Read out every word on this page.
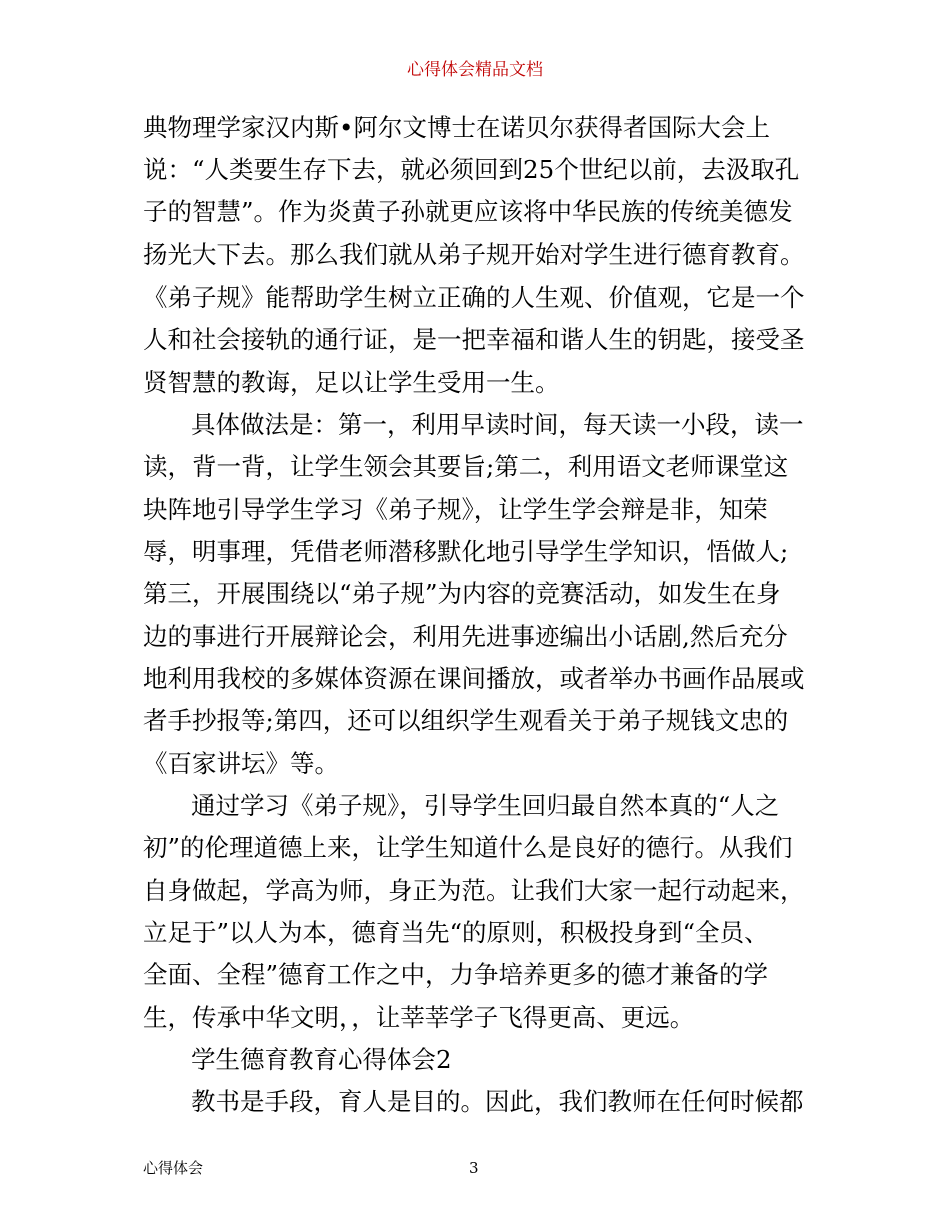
心得体会精品文档
典物理学家汉内斯•阿尔文博士在诺贝尔获得者国际大会上
说：“人类要生存下去，就必须回到25个世纪以前，去汲取孔
子的智慧”。作为炎黄子孙就更应该将中华民族的传统美德发
扬光大下去。那么我们就从弟子规开始对学生进行德育教育。
《弟子规》能帮助学生树立正确的人生观、价值观，它是一个
人和社会接轨的通行证，是一把幸福和谐人生的钥匙，接受圣
贤智慧的教诲，足以让学生受用一生。
具体做法是：第一，利用早读时间，每天读一小段，读一
读，背一背，让学生领会其要旨;第二，利用语文老师课堂这
块阵地引导学生学习《弟子规》，让学生学会辩是非，知荣
辱，明事理，凭借老师潜移默化地引导学生学知识，悟做人;
第三，开展围绕以“弟子规”为内容的竞赛活动，如发生在身
边的事进行开展辩论会，利用先进事迹编出小话剧,然后充分
地利用我校的多媒体资源在课间播放，或者举办书画作品展或
者手抄报等;第四，还可以组织学生观看关于弟子规钱文忠的
《百家讲坛》等。
通过学习《弟子规》，引导学生回归最自然本真的“人之
初”的伦理道德上来，让学生知道什么是良好的德行。从我们
自身做起，学高为师，身正为范。让我们大家一起行动起来，
立足于”以人为本，德育当先“的原则，积极投身到“全员、
全面、全程”德育工作之中，力争培养更多的德才兼备的学
生，传承中华文明，，让莘莘学子飞得更高、更远。
学生德育教育心得体会2
教书是手段，育人是目的。因此，我们教师在任何时候都
心得体会	3
